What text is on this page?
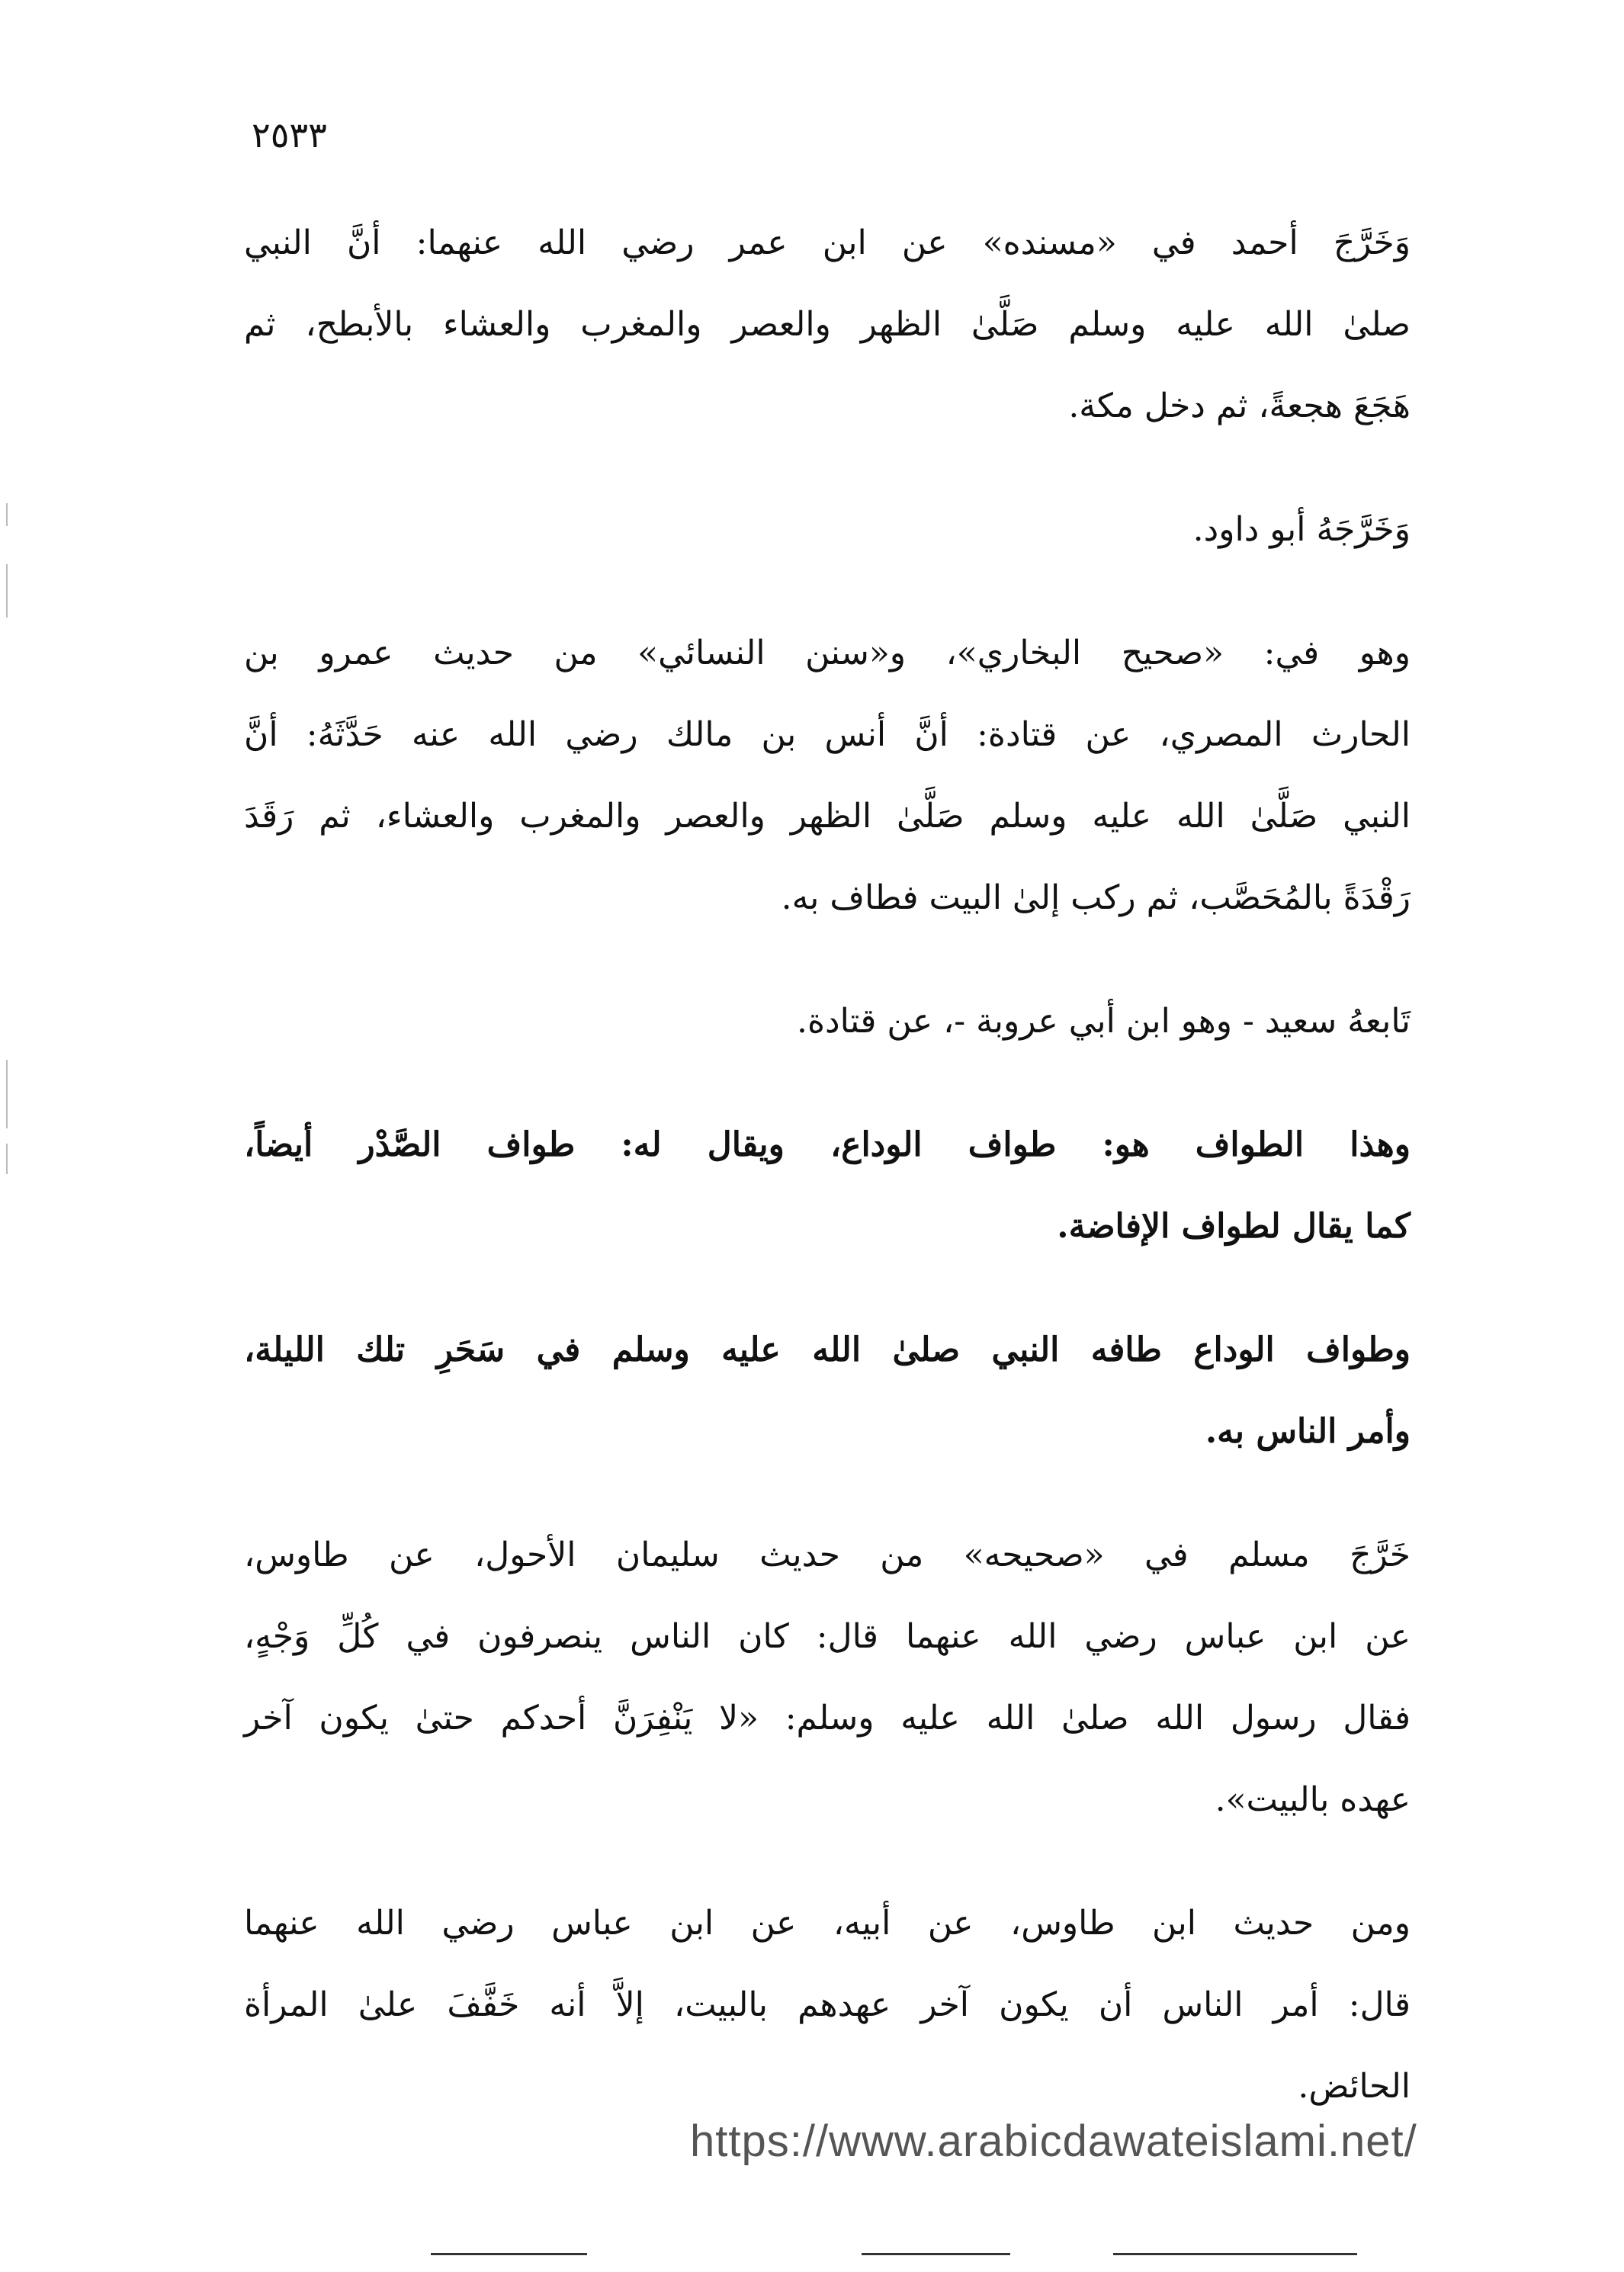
٢٥٣٣
وَخَرَّجَ أحمد في «مسنده» عن ابن عمر رضي الله عنهما: أنَّ النبي
صلىٰ الله عليه وسلم صَلَّىٰ الظهر والعصر والمغرب والعشاء بالأبطح، ثم
هَجَعَ هجعةً، ثم دخل مكة.
وَخَرَّجَهُ أبو داود.
وهو في: «صحيح البخاري»، و«سنن النسائي» من حديث عمرو بن
الحارث المصري، عن قتادة: أنَّ أنس بن مالك رضي الله عنه حَدَّثَهُ: أنَّ
النبي صَلَّىٰ الله عليه وسلم صَلَّىٰ الظهر والعصر والمغرب والعشاء، ثم رَقَدَ
رَقْدَةً بالمُحَصَّب، ثم ركب إلىٰ البيت فطاف به.
تَابعهُ سعيد - وهو ابن أبي عروبة -، عن قتادة.
وهذا الطواف هو: طواف الوداع، ويقال له: طواف الصَّدْر أيضاً،
كما يقال لطواف الإفاضة.
وطواف الوداع طافه النبي صلىٰ الله عليه وسلم في سَحَرِ تلك الليلة،
وأمر الناس به.
خَرَّجَ مسلم في «صحيحه» من حديث سليمان الأحول، عن طاوس،
عن ابن عباس رضي الله عنهما قال: كان الناس ينصرفون في كُلِّ وَجْهٍ،
فقال رسول الله صلىٰ الله عليه وسلم: «لا يَنْفِرَنَّ أحدكم حتىٰ يكون آخر
عهده بالبيت».
ومن حديث ابن طاوس، عن أبيه، عن ابن عباس رضي الله عنهما
قال: أمر الناس أن يكون آخر عهدهم بالبيت، إلاَّ أنه خَفَّفَ علىٰ المرأة
الحائض.
https://www.arabicdawateislami.net/
